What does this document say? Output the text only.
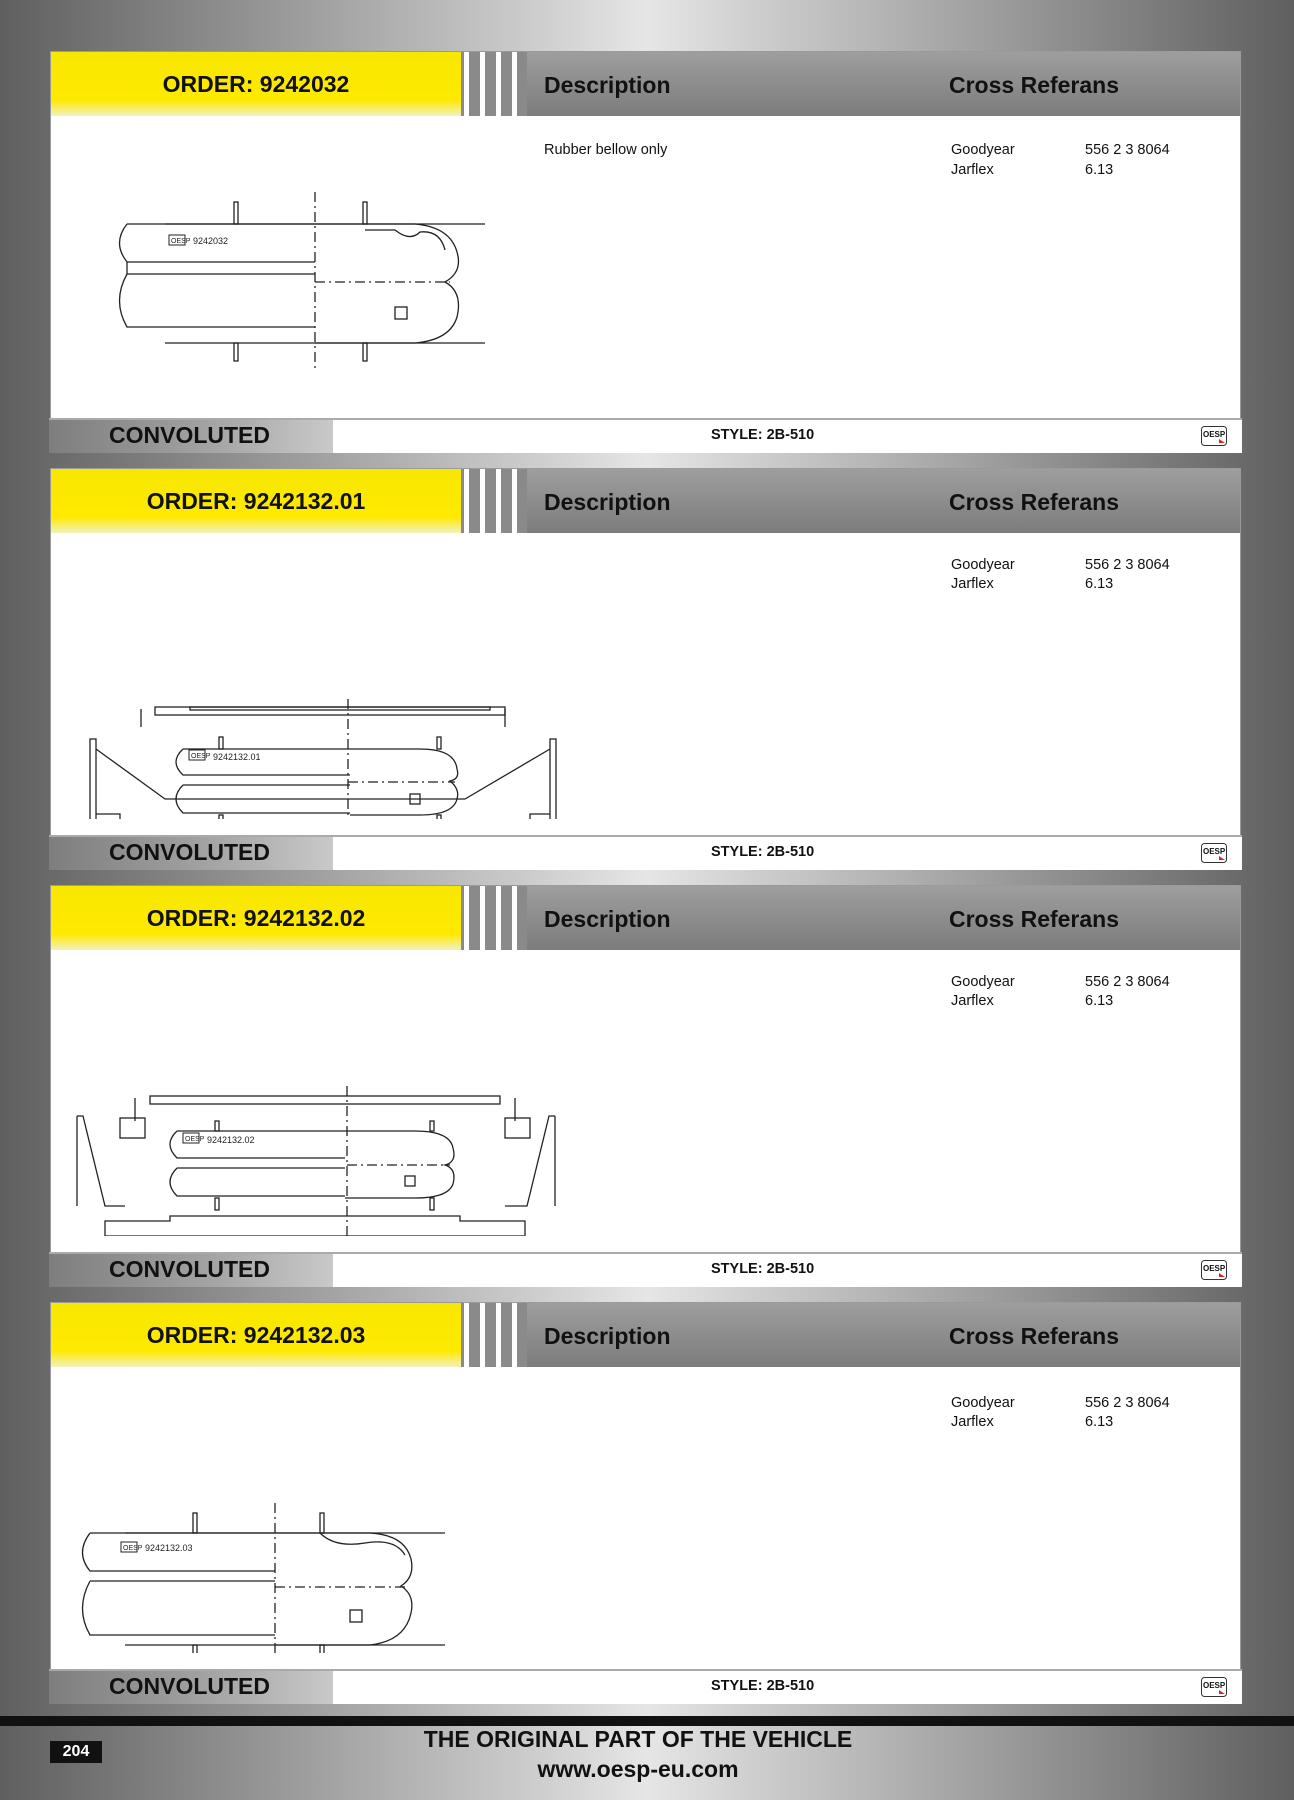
ORDER: 9242032	Description	Cross Referans
Rubber bellow only	Goodyear	556 2 3 8064
Jarflex	6.13
OESP 9242032
CONVOLUTED	STYLE: 2B-510	OESP
ORDER: 9242132.01	Description	Cross Referans
Goodyear	556 2 3 8064
Jarflex	6.13
OESP 9242132.01
CONVOLUTED	STYLE: 2B-510	OESP
ORDER: 9242132.02	Description	Cross Referans
Goodyear	556 2 3 8064
Jarflex	6.13
OESP 9242132.02
CONVOLUTED	STYLE: 2B-510	OESP
ORDER: 9242132.03	Description	Cross Referans
Goodyear	556 2 3 8064
Jarflex	6.13
OESP 9242132.03
CONVOLUTED	STYLE: 2B-510	OESP
204	THE ORIGINAL PART OF THE VEHICLE
www.oesp-eu.com
